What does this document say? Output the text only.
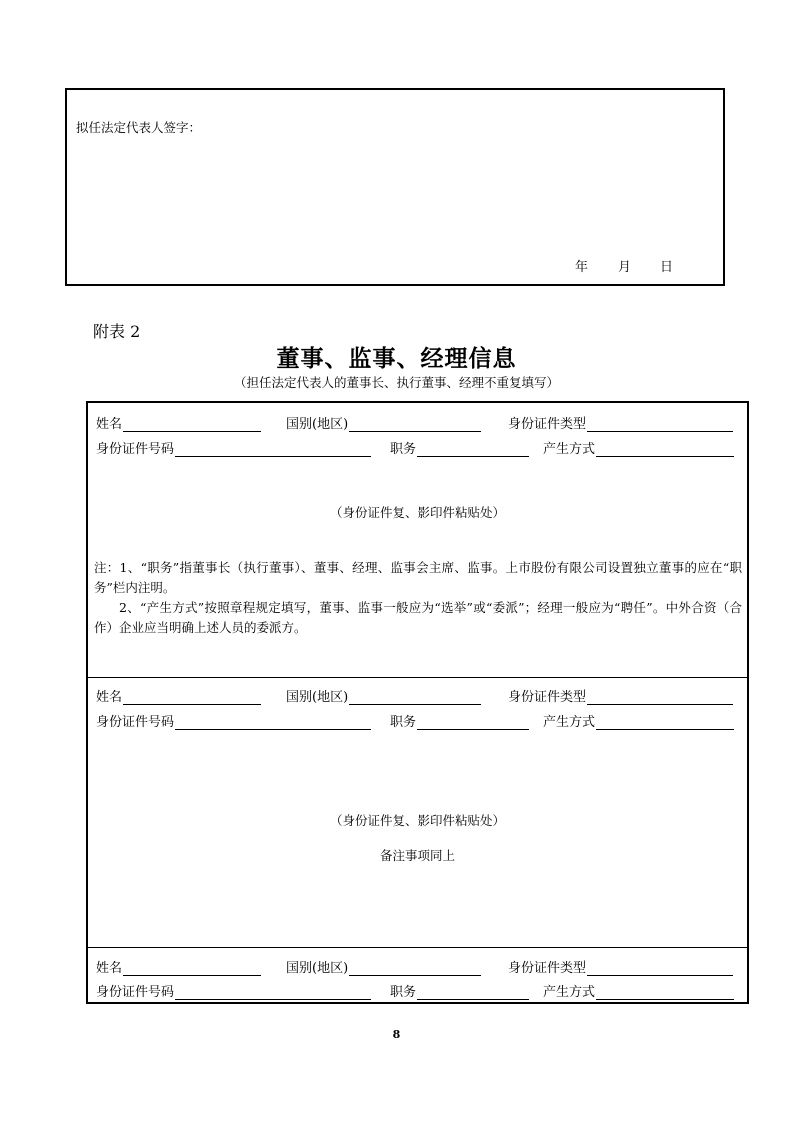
拟任法定代表人签字：
年 月 日
附表 2
董事、监事、经理信息
（担任法定代表人的董事长、执行董事、经理不重复填写）
姓名	国别(地区)	身份证件类型
身份证件号码	职务	产生方式
（身份证件复、影印件粘贴处）

注：1、“职务”指董事长（执行董事）、董事、经理、监事会主席、监事。上市股份有限公司设置独立董事的应在“职务”栏内注明。

2、“产生方式”按照章程规定填写，董事、监事一般应为“选举”或“委派”；经理一般应为“聘任”。中外合资（合作）企业应当明确上述人员的委派方。

姓名	国别(地区)	身份证件类型
身份证件号码	职务	产生方式
（身份证件复、影印件粘贴处）
备注事项同上
姓名	国别(地区)	身份证件类型
身份证件号码	职务	产生方式
8
